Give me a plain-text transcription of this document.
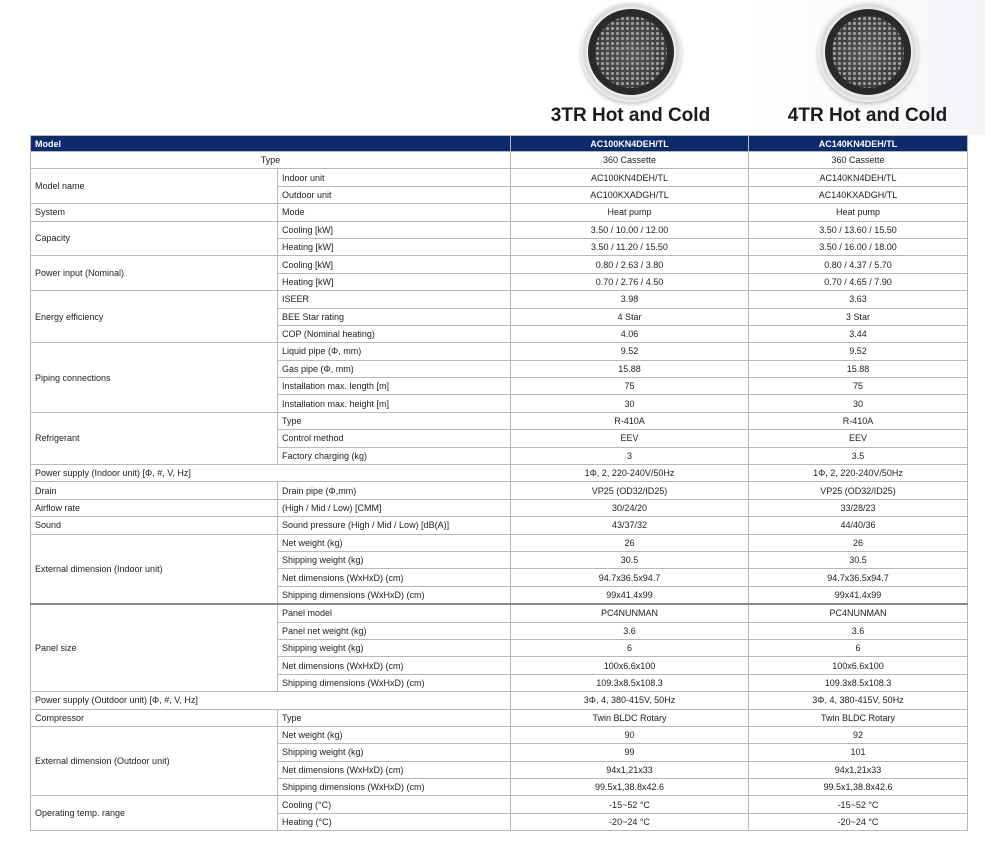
3TR Hot and Cold	4TR Hot and Cold
Model		AC100KN4DEH/TL	AC140KN4DEH/TL
Type		360 Cassette	360 Cassette
Model name	Indoor unit	AC100KN4DEH/TL	AC140KN4DEH/TL
	Outdoor unit	AC100KXADGH/TL	AC140KXADGH/TL
System	Mode	Heat pump	Heat pump
Capacity	Cooling [kW]	3.50 / 10.00 / 12.00	3.50 / 13.60 / 15.50
	Heating [kW]	3.50 / 11.20 / 15.50	3.50 / 16.00 / 18.00
Power input (Nominal)	Cooling [kW]	0.80 / 2.63 / 3.80	0.80 / 4.37 / 5.70
	Heating [kW]	0.70 / 2.76 / 4.50	0.70 / 4.65 / 7.90
Energy efficiency	ISEER	3.98	3.63
	BEE Star rating	4 Star	3 Star
	COP (Nominal heating)	4.06	3.44
Piping connections	Liquid pipe (Φ, mm)	9.52	9.52
	Gas pipe (Φ, mm)	15.88	15.88
	Installation max. length [m]	75	75
	Installation max. height [m]	30	30
Refrigerant	Type	R-410A	R-410A
	Control method	EEV	EEV
	Factory charging (kg)	3	3.5
Power supply (Indoor unit) [Φ, #, V, Hz]		1Φ, 2, 220-240V/50Hz	1Φ, 2, 220-240V/50Hz
Drain	Drain pipe (Φ,mm)	VP25 (OD32/ID25)	VP25 (OD32/ID25)
Airflow rate	(High / Mid / Low) [CMM]	30/24/20	33/28/23
Sound	Sound pressure (High / Mid / Low) [dB(A)]	43/37/32	44/40/36
External dimension (Indoor unit)	Net weight (kg)	26	26
	Shipping weight (kg)	30.5	30.5
	Net dimensions (WxHxD) (cm)	94.7x36.5x94.7	94.7x36.5x94.7
	Shipping dimensions (WxHxD) (cm)	99x41.4x99	99x41.4x99
Panel size	Panel model	PC4NUNMAN	PC4NUNMAN
	Panel net weight (kg)	3.6	3.6
	Shipping weight (kg)	6	6
	Net dimensions (WxHxD) (cm)	100x6.6x100	100x6.6x100
	Shipping dimensions (WxHxD) (cm)	109.3x8.5x108.3	109.3x8.5x108.3
Power supply (Outdoor unit) [Φ, #, V, Hz]		3Φ, 4, 380-415V, 50Hz	3Φ, 4, 380-415V, 50Hz
Compressor	Type	Twin BLDC Rotary	Twin BLDC Rotary
External dimension (Outdoor unit)	Net weight (kg)	90	92
	Shipping weight (kg)	99	101
	Net dimensions (WxHxD) (cm)	94x1,21x33	94x1,21x33
	Shipping dimensions (WxHxD) (cm)	99.5x1,38.8x42.6	99.5x1,38.8x42.6
Operating temp. range	Cooling (°C)	-15~52 °C	-15~52 °C
	Heating (°C)	-20~24 °C	-20~24 °C
